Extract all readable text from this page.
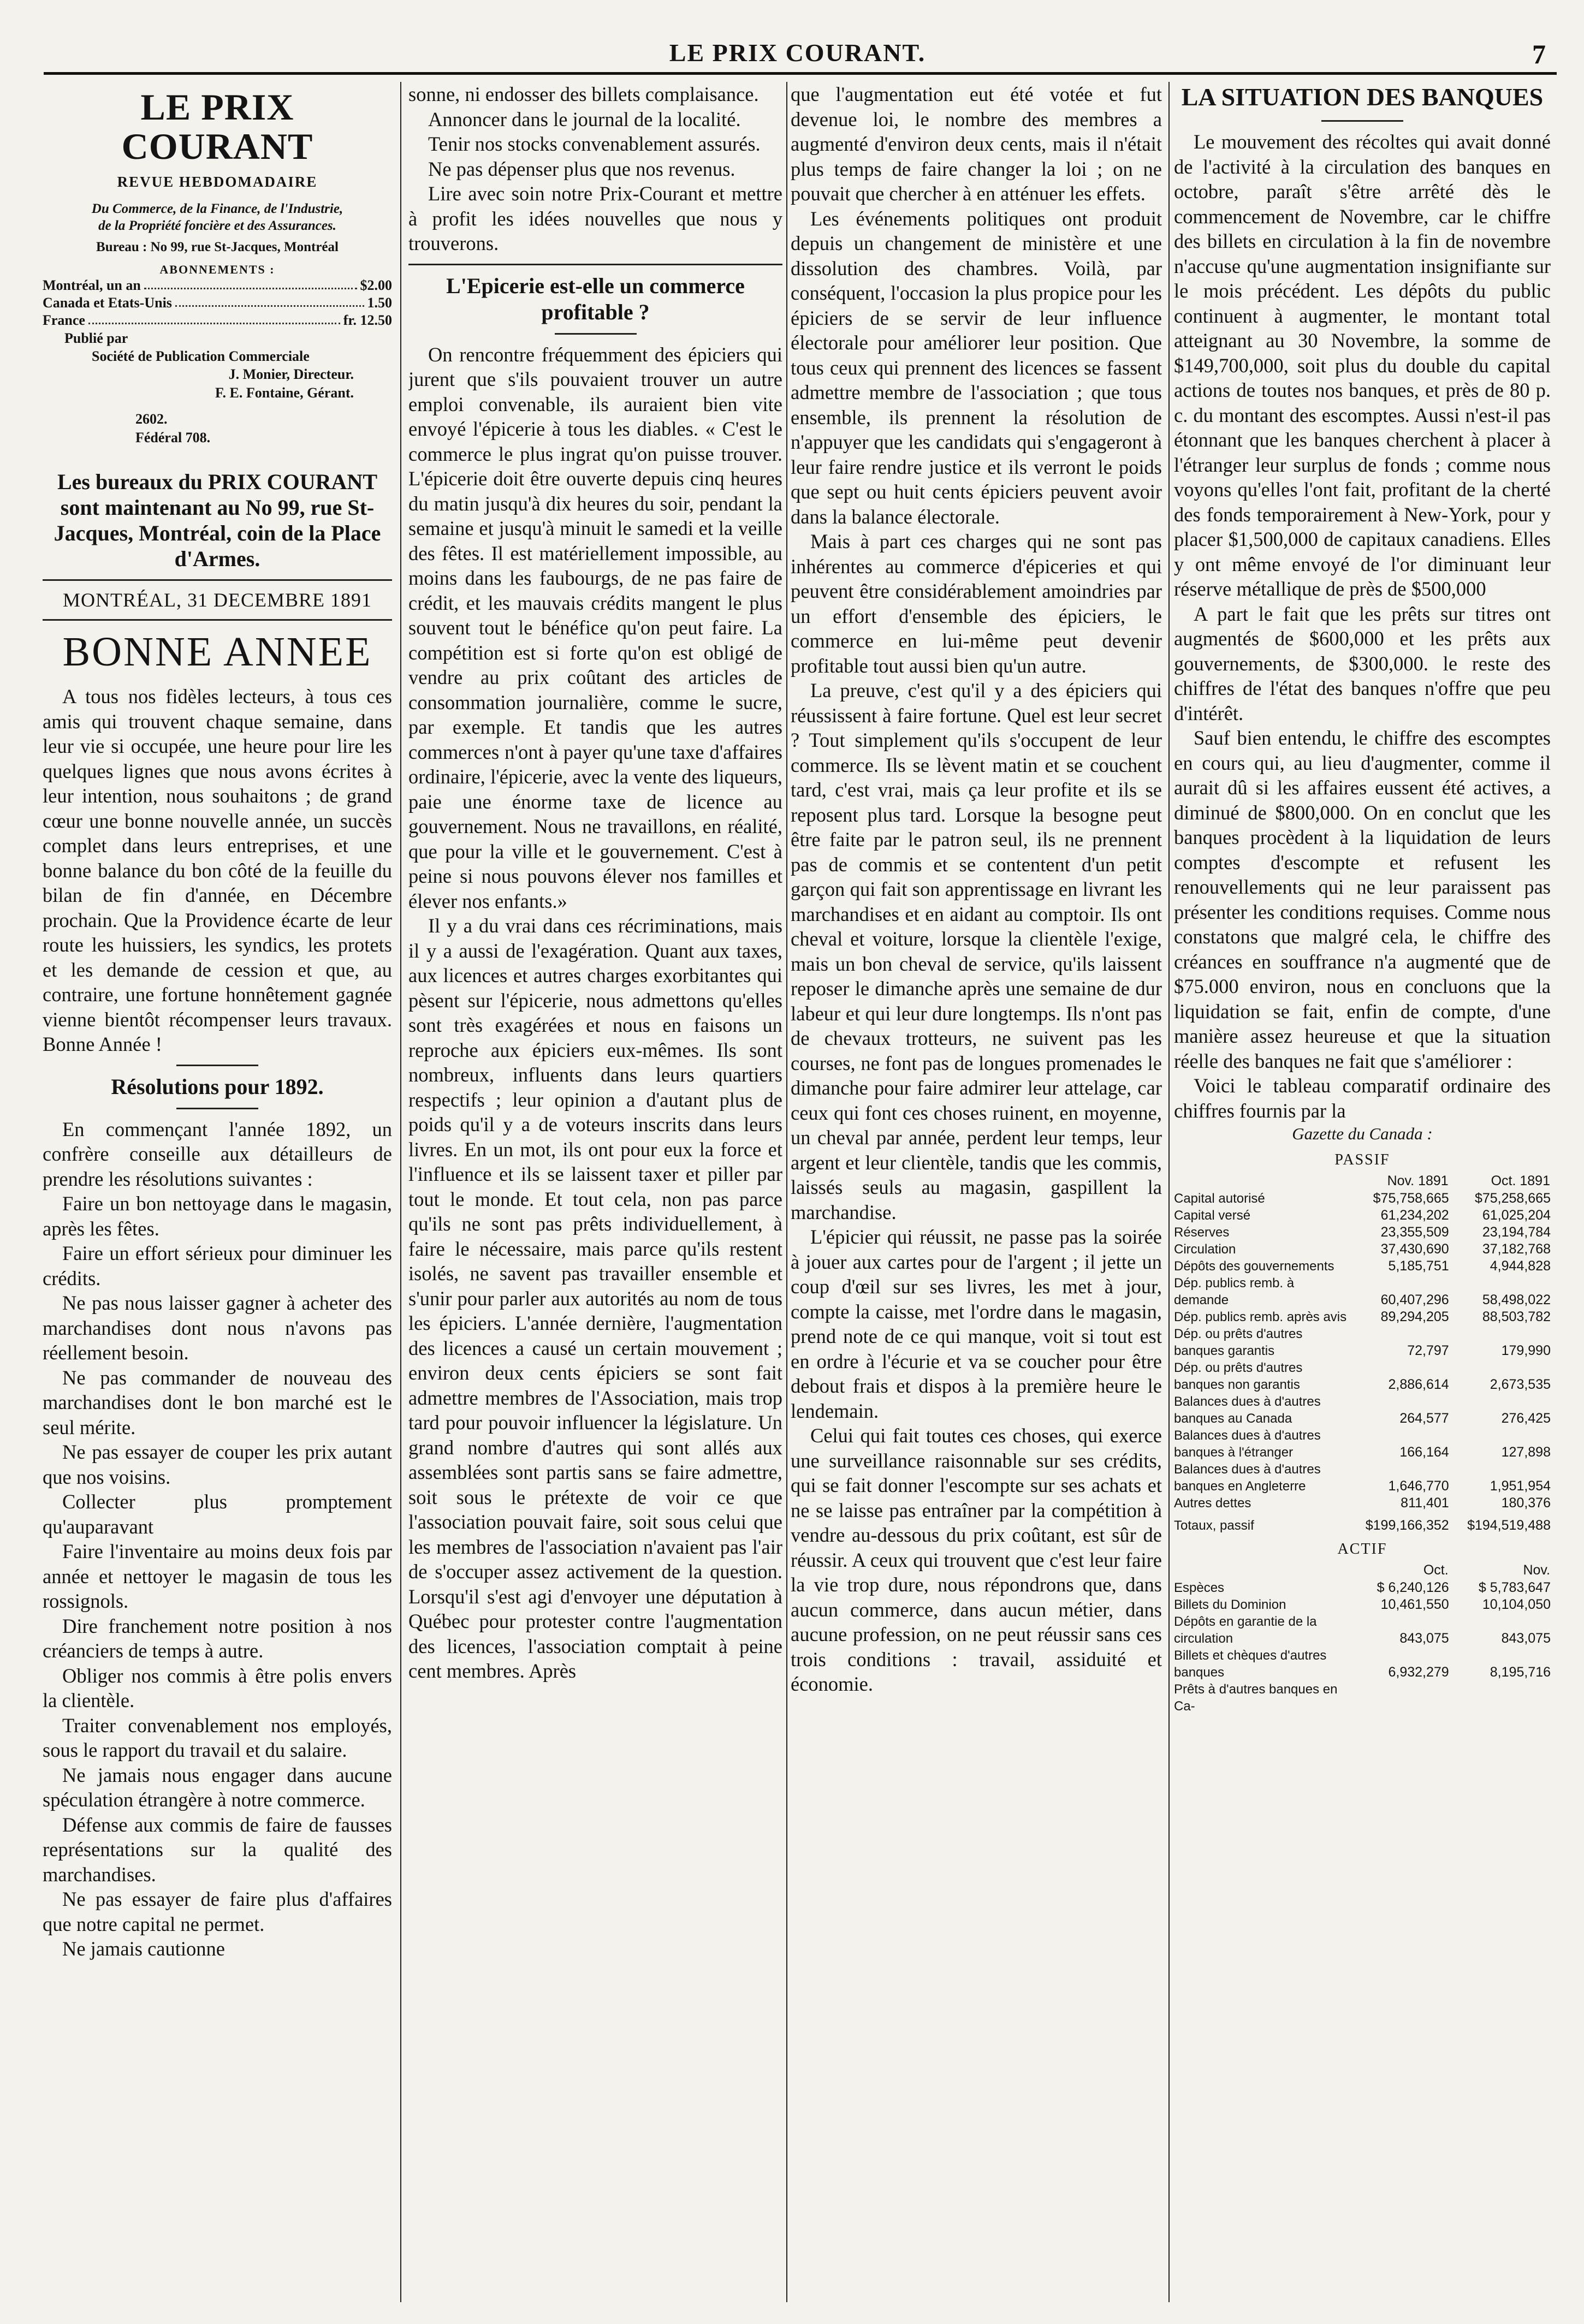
LE PRIX COURANT.	7
LE PRIX COURANT
REVUE HEBDOMADAIRE
Du Commerce, de la Finance, de l'Industrie,
de la Propriété foncière et des Assurances.
Bureau : No 99, rue St-Jacques, Montréal
ABONNEMENTS :
Montréal, un an	$2.00
Canada et Etats-Unis	1.50
France	fr. 12.50
Publié par
Société de Publication Commerciale
J. Monier, Directeur.
F. E. Fontaine, Gérant.
2602.
Fédéral 708.
Les bureaux du PRIX COURANT sont maintenant au No 99, rue St-Jacques, Montréal, coin de la Place d'Armes.
MONTRÉAL, 31 DECEMBRE 1891
BONNE ANNEE

A tous nos fidèles lecteurs, à tous ces amis qui trouvent chaque semaine, dans leur vie si occupée, une heure pour lire les quelques lignes que nous avons écrites à leur intention, nous souhaitons ; de grand cœur une bonne nouvelle année, un succès complet dans leurs entreprises, et une bonne balance du bon côté de la feuille du bilan de fin d'année, en Décembre prochain. Que la Providence écarte de leur route les huissiers, les syndics, les protets et les demande de cession et que, au contraire, une fortune honnêtement gagnée vienne bientôt récompenser leurs travaux. Bonne Année !

Résolutions pour 1892.

En commençant l'année 1892, un confrère conseille aux détailleurs de prendre les résolutions suivantes :

Faire un bon nettoyage dans le magasin, après les fêtes.

Faire un effort sérieux pour diminuer les crédits.

Ne pas nous laisser gagner à acheter des marchandises dont nous n'avons pas réellement besoin.

Ne pas commander de nouveau des marchandises dont le bon marché est le seul mérite.

Ne pas essayer de couper les prix autant que nos voisins.

Collecter plus promptement qu'auparavant

Faire l'inventaire au moins deux fois par année et nettoyer le magasin de tous les rossignols.

Dire franchement notre position à nos créanciers de temps à autre.

Obliger nos commis à être polis envers la clientèle.

Traiter convenablement nos employés, sous le rapport du travail et du salaire.

Ne jamais nous engager dans aucune spéculation étrangère à notre commerce.

Défense aux commis de faire de fausses représentations sur la qualité des marchandises.

Ne pas essayer de faire plus d'affaires que notre capital ne permet.

Ne jamais cautionne

sonne, ni endosser des billets complaisance.

Annoncer dans le journal de la localité.

Tenir nos stocks convenablement assurés.

Ne pas dépenser plus que nos revenus.

Lire avec soin notre Prix-Courant et mettre à profit les idées nouvelles que nous y trouverons.

L'Epicerie est-elle un commerce profitable ?

On rencontre fréquemment des épiciers qui jurent que s'ils pouvaient trouver un autre emploi convenable, ils auraient bien vite envoyé l'épicerie à tous les diables. « C'est le commerce le plus ingrat qu'on puisse trouver. L'épicerie doit être ouverte depuis cinq heures du matin jusqu'à dix heures du soir, pendant la semaine et jusqu'à minuit le samedi et la veille des fêtes. Il est matériellement impossible, au moins dans les faubourgs, de ne pas faire de crédit, et les mauvais crédits mangent le plus souvent tout le bénéfice qu'on peut faire. La compétition est si forte qu'on est obligé de vendre au prix coûtant des articles de consommation journalière, comme le sucre, par exemple. Et tandis que les autres commerces n'ont à payer qu'une taxe d'affaires ordinaire, l'épicerie, avec la vente des liqueurs, paie une énorme taxe de licence au gouvernement. Nous ne travaillons, en réalité, que pour la ville et le gouvernement. C'est à peine si nous pouvons élever nos familles et élever nos enfants.»

Il y a du vrai dans ces récriminations, mais il y a aussi de l'exagération. Quant aux taxes, aux licences et autres charges exorbitantes qui pèsent sur l'épicerie, nous admettons qu'elles sont très exagérées et nous en faisons un reproche aux épiciers eux-mêmes. Ils sont nombreux, influents dans leurs quartiers respectifs ; leur opinion a d'autant plus de poids qu'il y a de voteurs inscrits dans leurs livres. En un mot, ils ont pour eux la force et l'influence et ils se laissent taxer et piller par tout le monde. Et tout cela, non pas parce qu'ils ne sont pas prêts individuellement, à faire le nécessaire, mais parce qu'ils restent isolés, ne savent pas travailler ensemble et s'unir pour parler aux autorités au nom de tous les épiciers. L'année dernière, l'augmentation des licences a causé un certain mouvement ; environ deux cents épiciers se sont fait admettre membres de l'Association, mais trop tard pour pouvoir influencer la législature. Un grand nombre d'autres qui sont allés aux assemblées sont partis sans se faire admettre, soit sous le prétexte de voir ce que l'association pouvait faire, soit sous celui que les membres de l'association n'avaient pas l'air de s'occuper assez activement de la question. Lorsqu'il s'est agi d'envoyer une députation à Québec pour protester contre l'augmentation des licences, l'association comptait à peine cent membres. Après

que l'augmentation eut été votée et fut devenue loi, le nombre des membres a augmenté d'environ deux cents, mais il n'était plus temps de faire changer la loi ; on ne pouvait que chercher à en atténuer les effets.

Les événements politiques ont produit depuis un changement de ministère et une dissolution des chambres. Voilà, par conséquent, l'occasion la plus propice pour les épiciers de se servir de leur influence électorale pour améliorer leur position. Que tous ceux qui prennent des licences se fassent admettre membre de l'association ; que tous ensemble, ils prennent la résolution de n'appuyer que les candidats qui s'engageront à leur faire rendre justice et ils verront le poids que sept ou huit cents épiciers peuvent avoir dans la balance électorale.

Mais à part ces charges qui ne sont pas inhérentes au commerce d'épiceries et qui peuvent être considérablement amoindries par un effort d'ensemble des épiciers, le commerce en lui-même peut devenir profitable tout aussi bien qu'un autre.

La preuve, c'est qu'il y a des épiciers qui réussissent à faire fortune. Quel est leur secret ? Tout simplement qu'ils s'occupent de leur commerce. Ils se lèvent matin et se couchent tard, c'est vrai, mais ça leur profite et ils se reposent plus tard. Lorsque la besogne peut être faite par le patron seul, ils ne prennent pas de commis et se contentent d'un petit garçon qui fait son apprentissage en livrant les marchandises et en aidant au comptoir. Ils ont cheval et voiture, lorsque la clientèle l'exige, mais un bon cheval de service, qu'ils laissent reposer le dimanche après une semaine de dur labeur et qui leur dure longtemps. Ils n'ont pas de chevaux trotteurs, ne suivent pas les courses, ne font pas de longues promenades le dimanche pour faire admirer leur attelage, car ceux qui font ces choses ruinent, en moyenne, un cheval par année, perdent leur temps, leur argent et leur clientèle, tandis que les commis, laissés seuls au magasin, gaspillent la marchandise.

L'épicier qui réussit, ne passe pas la soirée à jouer aux cartes pour de l'argent ; il jette un coup d'œil sur ses livres, les met à jour, compte la caisse, met l'ordre dans le magasin, prend note de ce qui manque, voit si tout est en ordre à l'écurie et va se coucher pour être debout frais et dispos à la première heure le lendemain.

Celui qui fait toutes ces choses, qui exerce une surveillance raisonnable sur ses crédits, qui se fait donner l'escompte sur ses achats et ne se laisse pas entraîner par la compétition à vendre au-dessous du prix coûtant, est sûr de réussir. A ceux qui trouvent que c'est leur faire la vie trop dure, nous répondrons que, dans aucun commerce, dans aucun métier, dans aucune profession, on ne peut réussir sans ces trois conditions : travail, assiduité et économie.

LA SITUATION DES BANQUES

Le mouvement des récoltes qui avait donné de l'activité à la circulation des banques en octobre, paraît s'être arrêté dès le commencement de Novembre, car le chiffre des billets en circulation à la fin de novembre n'accuse qu'une augmentation insignifiante sur le mois précédent. Les dépôts du public continuent à augmenter, le montant total atteignant au 30 Novembre, la somme de $149,700,000, soit plus du double du capital actions de toutes nos banques, et près de 80 p. c. du montant des escomptes. Aussi n'est-il pas étonnant que les banques cherchent à placer à l'étranger leur surplus de fonds ; comme nous voyons qu'elles l'ont fait, profitant de la cherté des fonds temporairement à New-York, pour y placer $1,500,000 de capitaux canadiens. Elles y ont même envoyé de l'or diminuant leur réserve métallique de près de $500,000

A part le fait que les prêts sur titres ont augmentés de $600,000 et les prêts aux gouvernements, de $300,000. le reste des chiffres de l'état des banques n'offre que peu d'intérêt.

Sauf bien entendu, le chiffre des escomptes en cours qui, au lieu d'augmenter, comme il aurait dû si les affaires eussent été actives, a diminué de $800,000. On en conclut que les banques procèdent à la liquidation de leurs comptes d'escompte et refusent les renouvellements qui ne leur paraissent pas présenter les conditions requises. Comme nous constatons que malgré cela, le chiffre des créances en souffrance n'a augmenté que de $75.000 environ, nous en concluons que la liquidation se fait, enfin de compte, d'une manière assez heureuse et que la situation réelle des banques ne fait que s'améliorer :

Voici le tableau comparatif ordinaire des chiffres fournis par la

Gazette du Canada :
PASSIF
	Nov. 1891	Oct. 1891
Capital autorisé	$75,758,665	$75,258,665
Capital versé	61,234,202	61,025,204
Réserves	23,355,509	23,194,784
Circulation	37,430,690	37,182,768
Dépôts des gouvernements	5,185,751	4,944,828
Dép. publics remb. à demande	60,407,296	58,498,022
Dép. publics remb. après avis	89,294,205	88,503,782
Dép. ou prêts d'autres banques garantis	72,797	179,990
Dép. ou prêts d'autres banques non garantis	2,886,614	2,673,535
Balances dues à d'autres banques au Canada	264,577	276,425
Balances dues à d'autres banques à l'étranger	166,164	127,898
Balances dues à d'autres banques en Angleterre	1,646,770	1,951,954
Autres dettes	811,401	180,376
Totaux, passif	$199,166,352	$194,519,488
ACTIF
	Oct.	Nov.
Espèces	$ 6,240,126	$ 5,783,647
Billets du Dominion	10,461,550	10,104,050
Dépôts en garantie de la circulation	843,075	843,075
Billets et chèques d'autres banques	6,932,279	8,195,716
Prêts à d'autres banques en Ca-		
